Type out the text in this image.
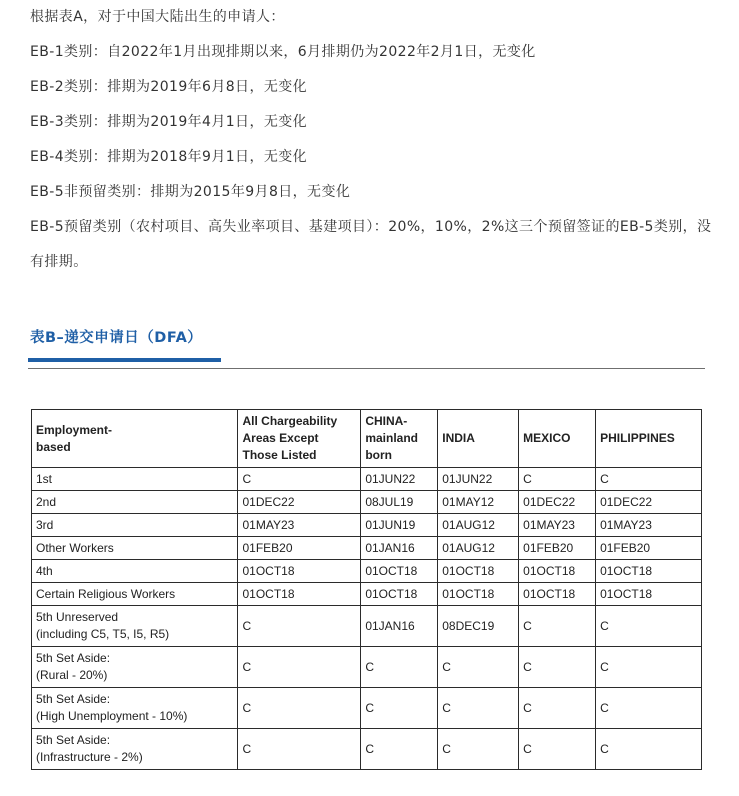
根据表A，对于中国大陆出生的申请人：
EB-1类别：自2022年1月出现排期以来，6月排期仍为2022年2月1日，无变化
EB-2类别：排期为2019年6月8日，无变化
EB-3类别：排期为2019年4月1日，无变化
EB-4类别：排期为2018年9月1日，无变化
EB-5非预留类别：排期为2015年9月8日，无变化
EB-5预留类别（农村项目、高失业率项目、基建项目）：20%，10%，2%这三个预留签证的EB-5类别，没有排期。
表B–递交申请日（DFA）
Employment-
based	All Chargeability Areas Except Those Listed	CHINA-
mainland
born	INDIA	MEXICO	PHILIPPINES
1st	C	01JUN22	01JUN22	C	C
2nd	01DEC22	08JUL19	01MAY12	01DEC22	01DEC22
3rd	01MAY23	01JUN19	01AUG12	01MAY23	01MAY23
Other Workers	01FEB20	01JAN16	01AUG12	01FEB20	01FEB20
4th	01OCT18	01OCT18	01OCT18	01OCT18	01OCT18
Certain Religious Workers	01OCT18	01OCT18	01OCT18	01OCT18	01OCT18
5th Unreserved
(including C5, T5, I5, R5)	C	01JAN16	08DEC19	C	C
5th Set Aside:
(Rural - 20%)	C	C	C	C	C
5th Set Aside:
(High Unemployment - 10%)	C	C	C	C	C
5th Set Aside:
(Infrastructure - 2%)	C	C	C	C	C
